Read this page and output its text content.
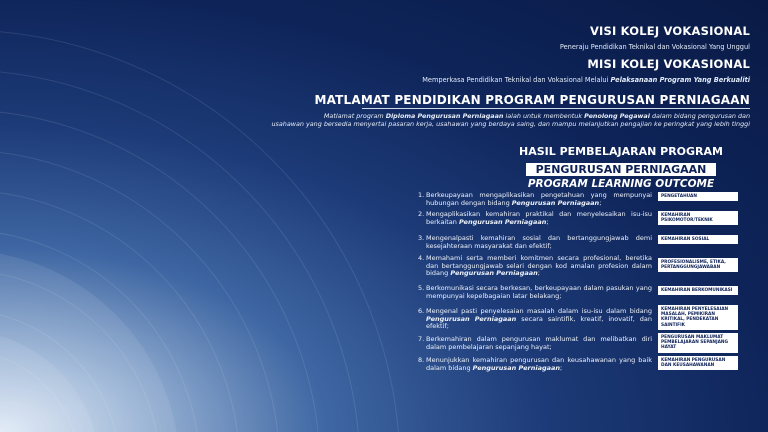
VISI KOLEJ VOKASIONAL
Peneraju Pendidikan Teknikal dan Vokasional Yang Unggul
MISI KOLEJ VOKASIONAL
Memperkasa Pendidikan Teknikal dan Vokasional Melalui Pelaksanaan Program Yang Berkualiti
MATLAMAT PENDIDIKAN PROGRAM PENGURUSAN PERNIAGAAN
Matlamat program Diploma Pengurusan Perniagaan ialah untuk membentuk Penolong Pegawai dalam bidang pengurusan dan
usahawan yang bersedia menyertai pasaran kerja, usahawan yang berdaya saing, dan mampu melanjutkan pengajian ke peringkat yang lebih tinggi
HASIL PEMBELAJARAN PROGRAM
PENGURUSAN PERNIAGAAN
PROGRAM LEARNING OUTCOME
1. Berkeupayaan mengaplikasikan pengetahuan yang mempunyai hubungan dengan bidang Pengurusan Perniagaan;
PENGETAHUAN
2. Mengaplikasikan kemahiran praktikal dan menyelesaikan isu-isu berkaitan Pengurusan Perniagaan;
KEMAHIRAN PSIKOMOTOR/TEKNIK
3. Mengenalpasti kemahiran sosial dan bertanggungjawab demi kesejahteraan masyarakat dan efektif;
KEMAHIRAN SOSIAL
4. Memahami serta memberi komitmen secara profesional, beretika dan bertanggungjawab selari dengan kod amalan profesion dalam bidang Pengurusan Perniagaan;
PROFESIONALISME, ETIKA, PERTANGGUNGJAWABAN
5. Berkomunikasi secara berkesan, berkeupayaan dalam pasukan yang mempunyai kepelbagaian latar belakang;
KEMAHIRAN BERKOMUNIKASI
6. Mengenal pasti penyelesaian masalah dalam isu-isu dalam bidang Pengurusan Perniagaan secara saintifik, kreatif, inovatif, dan efektif;
KEMAHIRAN PENYELESAIAN MASALAH, PEMIKIRAN KRITIKAL, PENDEKATAN SAINTIFIK
7. Berkemahiran dalam pengurusan maklumat dan melibatkan diri dalam pembelajaran sepanjang hayat;
PENGURUSAN MAKLUMAT PEMBELAJARAN SEPANJANG HAYAT
8. Menunjukkan kemahiran pengurusan dan keusahawanan yang baik dalam bidang Pengurusan Perniagaan;
KEMAHIRAN PENGURUSAN DAN KEUSAHAWANAN
